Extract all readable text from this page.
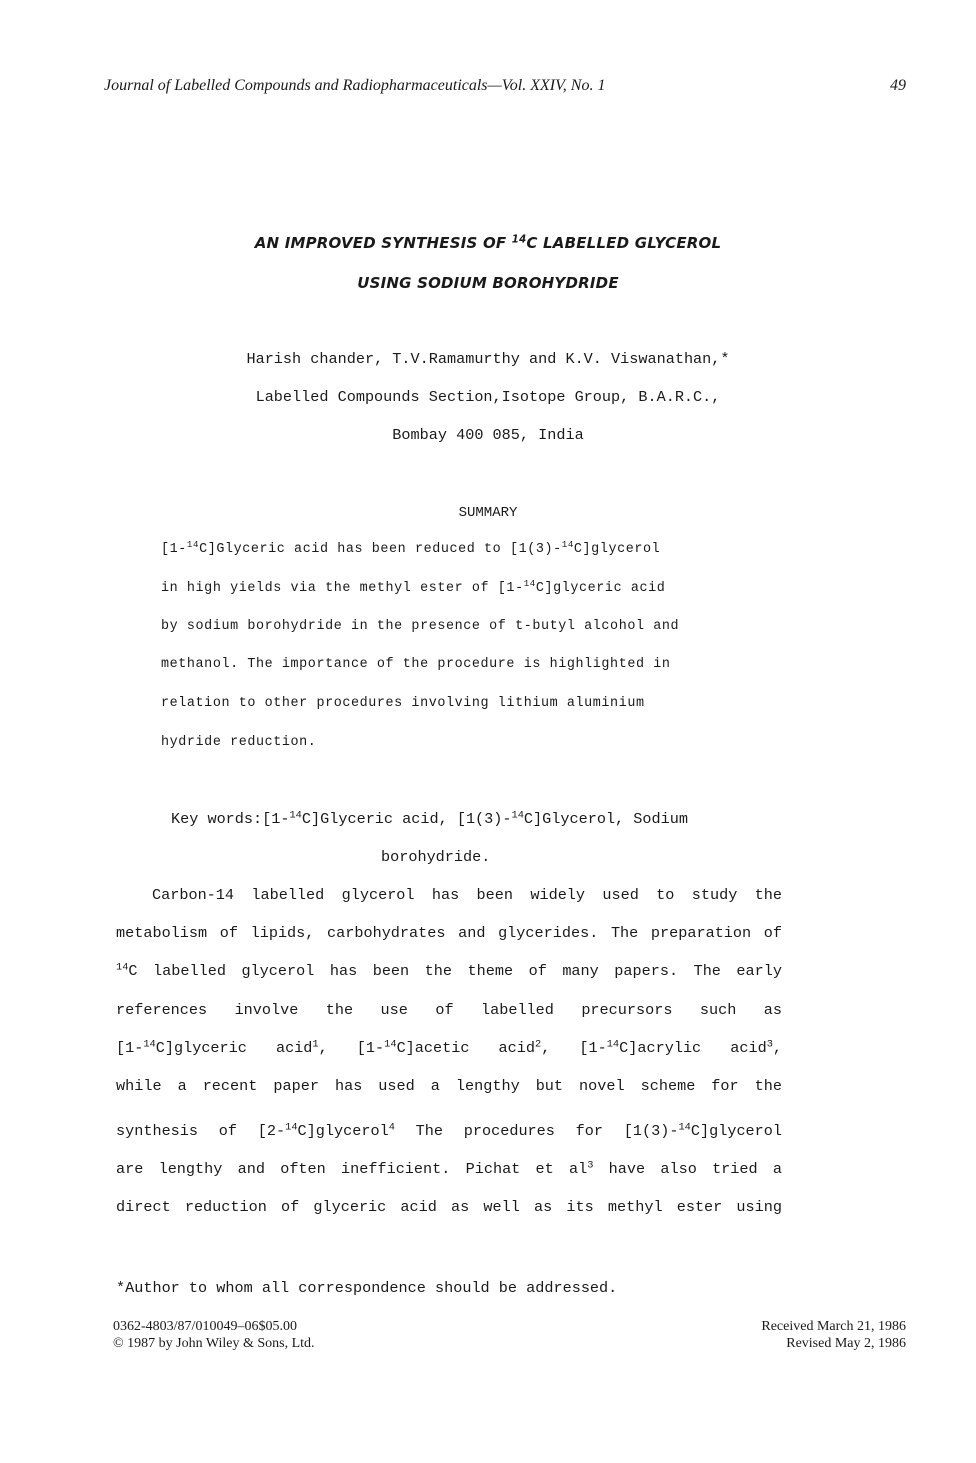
Journal of Labelled Compounds and Radiopharmaceuticals—Vol. XXIV, No. 1	49

AN IMPROVED SYNTHESIS OF $^{14}$C LABELLED GLYCEROL

USING SODIUM BOROHYDRIDE

Harish chander, T.V.Ramamurthy and K.V. Viswanathan,*

Labelled Compounds Section,Isotope Group, B.A.R.C.,

Bombay 400 085, India

SUMMARY

[1-$^{14}$C]Glyceric acid has been reduced to [1(3)-$^{14}$C]glycerol

in high yields via the methyl ester of [1-$^{14}$C]glyceric acid

by sodium borohydride in the presence of t-butyl alcohol and

methanol. The importance of the procedure is highlighted in

relation to other procedures involving lithium aluminium

hydride reduction.

Key words:[1-$^{14}$C]Glyceric acid, [1(3)-$^{14}$C]Glycerol, Sodium

borohydride.

Carbon-14 labelled glycerol has been widely used to study the

metabolism of lipids, carbohydrates and glycerides. The preparation of

$^{14}$C labelled glycerol has been the theme of many papers. The early

references involve the use of labelled precursors such as

[1-$^{14}$C]glyceric acid$^1$, [1-$^{14}$C]acetic acid$^2$, [1-$^{14}$C]acrylic acid$^3$,

while a recent paper has used a lengthy but novel scheme for the

synthesis of [2-$^{14}$C]glycerol$^4$ The procedures for [1(3)-$^{14}$C]glycerol

are lengthy and often inefficient. Pichat et $al^3$ have also tried a

direct reduction of glyceric acid as well as its methyl ester using

*Author to whom all correspondence should be addressed.

0362-4803/87/010049–06$05.00

© 1987 by John Wiley & Sons, Ltd.

Received March 21, 1986

Revised May 2, 1986
